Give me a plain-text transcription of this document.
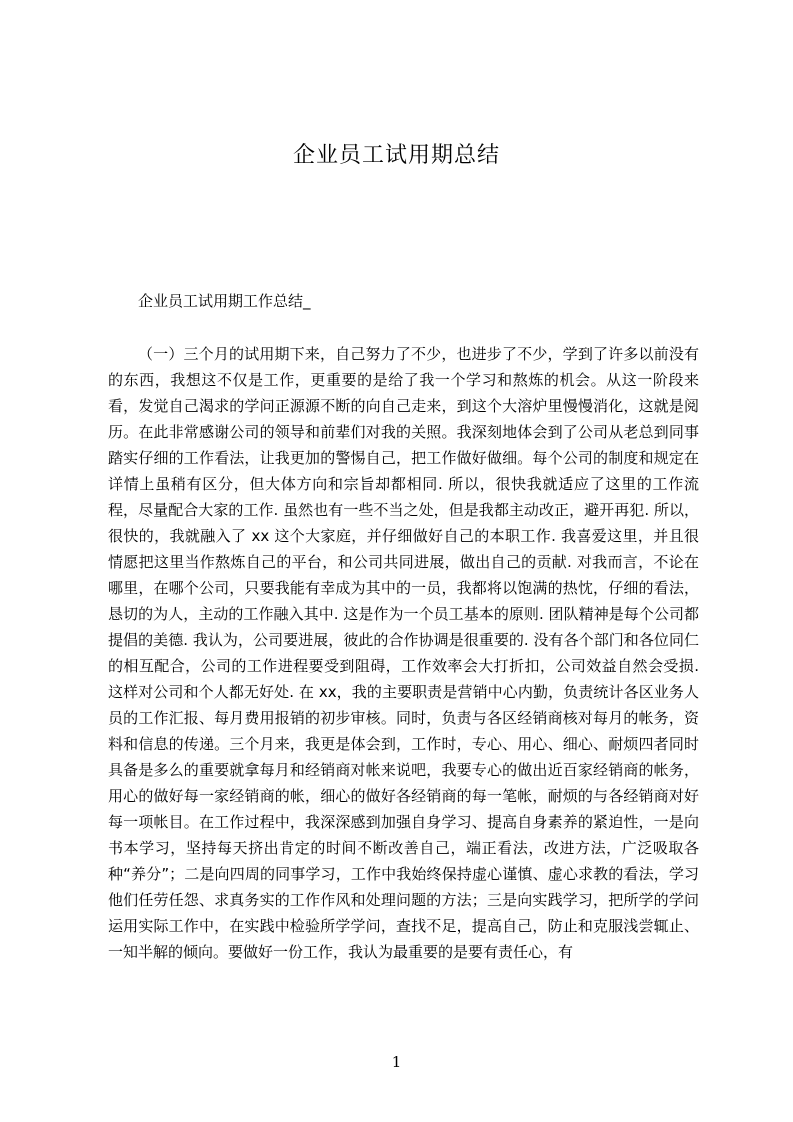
企业员工试用期总结
企业员工试用期工作总结_

（一）三个月的试用期下来，自己努力了不少，也进步了不少，学到了许多以前没有的东西，我想这不仅是工作，更重要的是给了我一个学习和熬炼的机会。从这一阶段来看，发觉自己渴求的学问正源源不断的向自己走来，到这个大溶炉里慢慢消化，这就是阅历。在此非常感谢公司的领导和前辈们对我的关照。我深刻地体会到了公司从老总到同事踏实仔细的工作看法，让我更加的警惕自己，把工作做好做细。每个公司的制度和规定在详情上虽稍有区分，但大体方向和宗旨却都相同. 所以，很快我就适应了这里的工作流程，尽量配合大家的工作. 虽然也有一些不当之处，但是我都主动改正，避开再犯. 所以，很快的，我就融入了 xx 这个大家庭，并仔细做好自己的本职工作. 我喜爱这里，并且很情愿把这里当作熬炼自己的平台，和公司共同进展，做出自己的贡献. 对我而言，不论在哪里，在哪个公司，只要我能有幸成为其中的一员，我都将以饱满的热忱，仔细的看法，恳切的为人，主动的工作融入其中. 这是作为一个员工基本的原则. 团队精神是每个公司都提倡的美德. 我认为，公司要进展，彼此的合作协调是很重要的. 没有各个部门和各位同仁的相互配合，公司的工作进程要受到阻碍，工作效率会大打折扣，公司效益自然会受损. 这样对公司和个人都无好处. 在 xx，我的主要职责是营销中心内勤，负责统计各区业务人员的工作汇报、每月费用报销的初步审核。同时，负责与各区经销商核对每月的帐务，资料和信息的传递。三个月来，我更是体会到，工作时，专心、用心、细心、耐烦四者同时具备是多么的重要就拿每月和经销商对帐来说吧，我要专心的做出近百家经销商的帐务，用心的做好每一家经销商的帐，细心的做好各经销商的每一笔帐，耐烦的与各经销商对好每一项帐目。在工作过程中，我深深感到加强自身学习、提高自身素养的紧迫性，一是向书本学习，坚持每天挤出肯定的时间不断改善自己，端正看法，改进方法，广泛吸取各种“养分”；二是向四周的同事学习，工作中我始终保持虚心谨慎、虚心求教的看法，学习他们任劳任怨、求真务实的工作作风和处理问题的方法；三是向实践学习，把所学的学问运用实际工作中，在实践中检验所学学问，查找不足，提高自己，防止和克服浅尝辄止、一知半解的倾向。要做好一份工作，我认为最重要的是要有责任心，有

1
